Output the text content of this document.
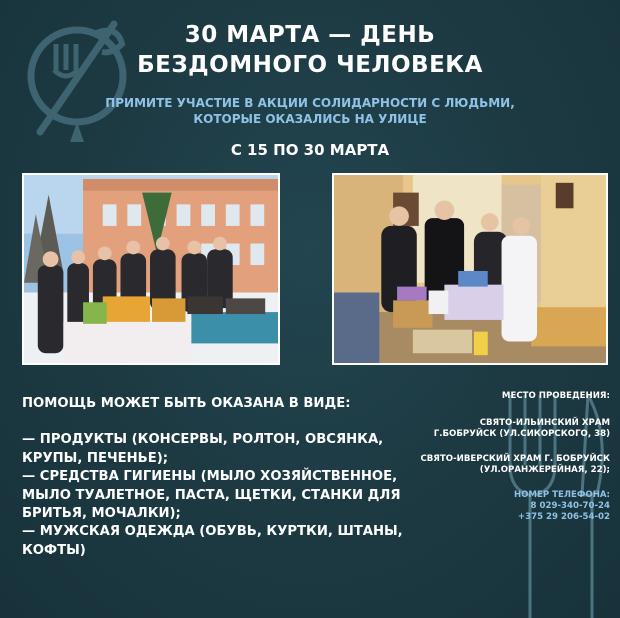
30 МАРТА — ДЕНЬ
БЕЗДОМНОГО ЧЕЛОВЕКА
ПРИМИТЕ УЧАСТИЕ В АКЦИИ СОЛИДАРНОСТИ С ЛЮДЬМИ,
КОТОРЫЕ ОКАЗАЛИСЬ НА УЛИЦЕ
С 15 ПО 30 МАРТА
ПОМОЩЬ МОЖЕТ БЫТЬ ОКАЗАНА В ВИДЕ:
— ПРОДУКТЫ (КОНСЕРВЫ, РОЛТОН, ОВСЯНКА,
КРУПЫ, ПЕЧЕНЬЕ);
— СРЕДСТВА ГИГИЕНЫ (МЫЛО ХОЗЯЙСТВЕННОЕ,
МЫЛО ТУАЛЕТНОЕ, ПАСТА, ЩЕТКИ, СТАНКИ ДЛЯ
БРИТЬЯ, МОЧАЛКИ);
— МУЖСКАЯ ОДЕЖДА (ОБУВЬ, КУРТКИ, ШТАНЫ,
КОФТЫ)
МЕСТО ПРОВЕДЕНИЯ:
СВЯТО-ИЛЬИНСКИЙ ХРАМ
Г.БОБРУЙСК (УЛ.СИКОРСКОГО, 38)
СВЯТО-ИВЕРСКИЙ ХРАМ Г. БОБРУЙСК
(УЛ.ОРАНЖЕРЕЙНАЯ, 22);
НОМЕР ТЕЛЕФОНА:
8 029-340-70-24
+375 29 206-54-02
